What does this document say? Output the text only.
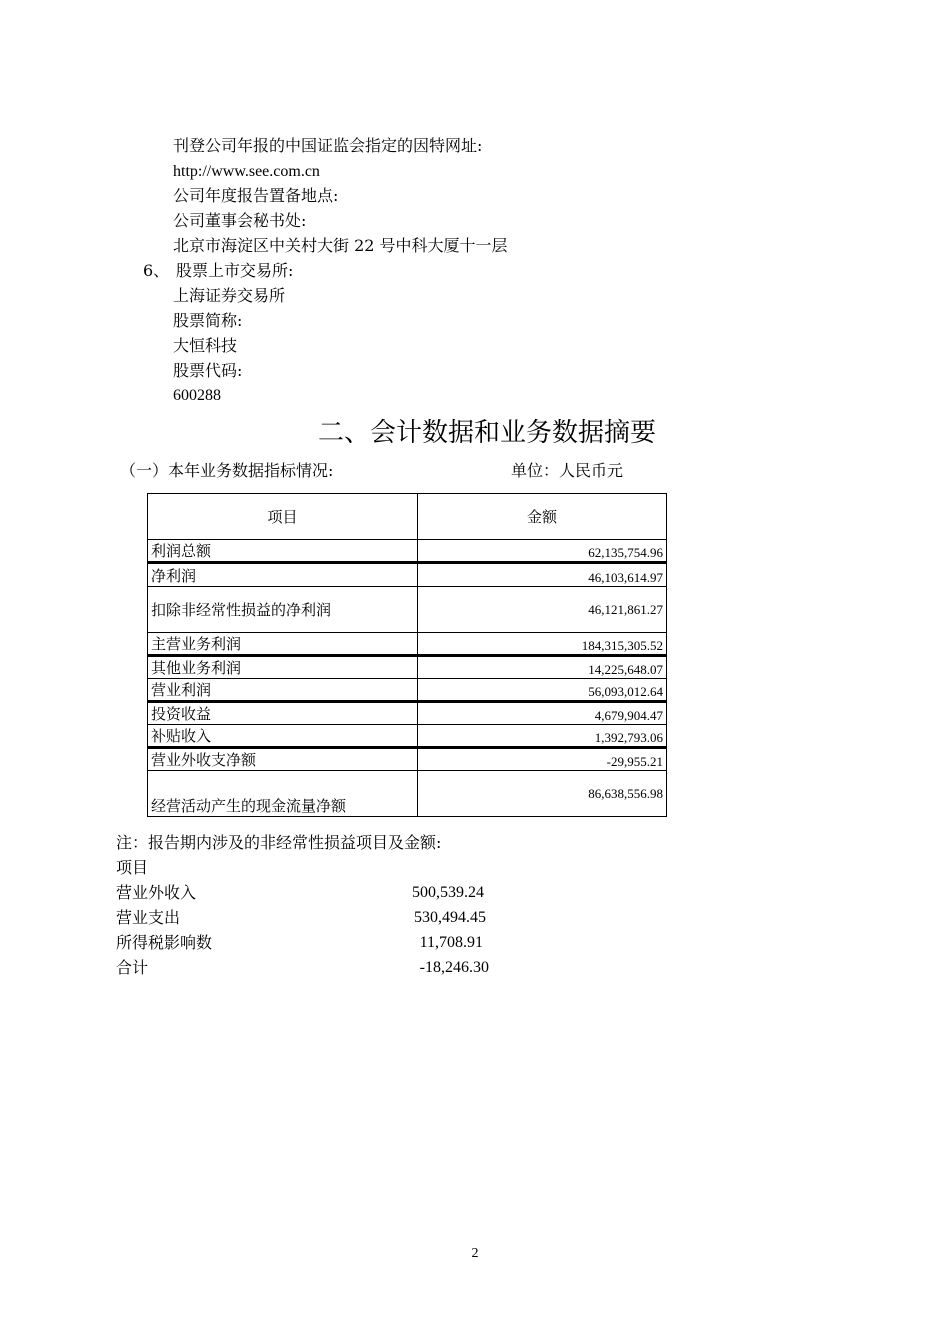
刊登公司年报的中国证监会指定的因特网址:
http://www.see.com.cn
公司年度报告置备地点:
公司董事会秘书处:
北京市海淀区中关村大街 22 号中科大厦十一层
6、 股票上市交易所:
上海证券交易所
股票简称:
大恒科技
股票代码:
600288
二、会计数据和业务数据摘要
（一）本年业务数据指标情况:	单位：人民币元
项目	金额
利润总额	62,135,754.96
净利润	46,103,614.97
扣除非经常性损益的净利润	46,121,861.27
主营业务利润	184,315,305.52
其他业务利润	14,225,648.07
营业利润	56,093,012.64
投资收益	4,679,904.47
补贴收入	1,392,793.06
营业外收支净额	-29,955.21
经营活动产生的现金流量净额	86,638,556.98
注：报告期内涉及的非经常性损益项目及金额:
项目
营业外收入	500,539.24
营业支出	530,494.45
所得税影响数	11,708.91
合计	-18,246.30
2
